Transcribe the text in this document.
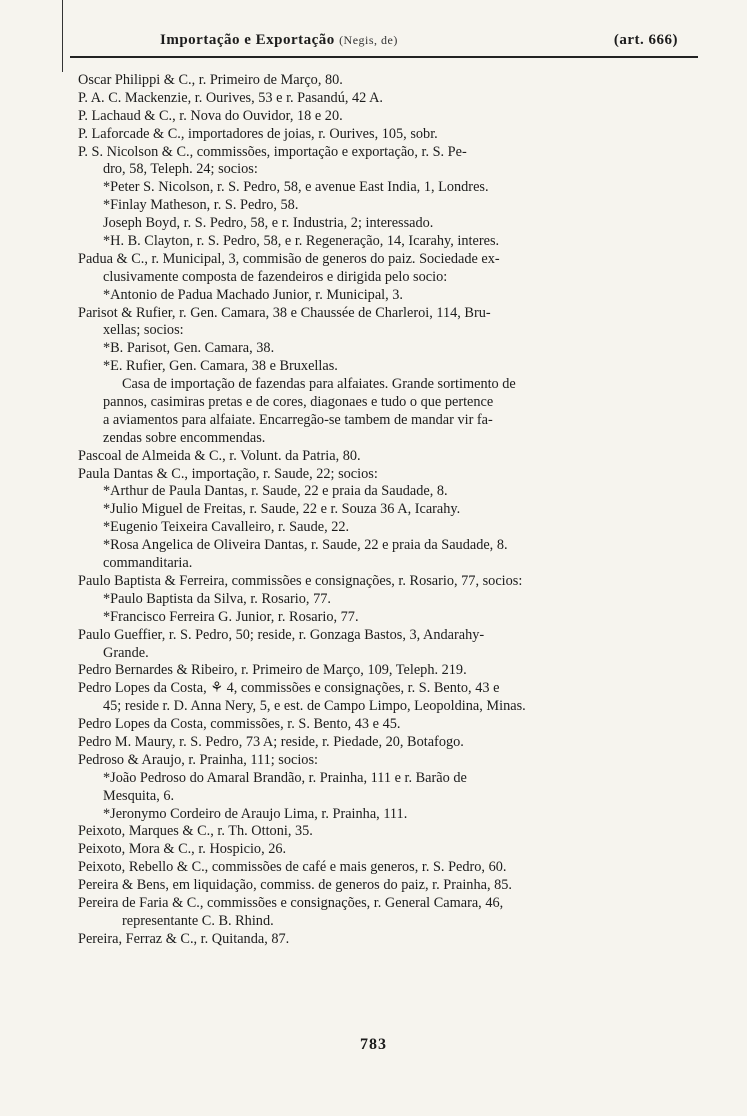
Importação e Exportação (Negis, de)	(art. 666)
Oscar Philippi & C., r. Primeiro de Março, 80.
P. A. C. Mackenzie, r. Ourives, 53 e r. Pasandú, 42 A.
P. Lachaud & C., r. Nova do Ouvidor, 18 e 20.
P. Laforcade & C., importadores de joias, r. Ourives, 105, sobr.
P. S. Nicolson & C., commissões, importação e exportação, r. S. Pe-
dro, 58, Teleph. 24; socios:
*Peter S. Nicolson, r. S. Pedro, 58, e avenue East India, 1, Londres.
*Finlay Matheson, r. S. Pedro, 58.
Joseph Boyd, r. S. Pedro, 58, e r. Industria, 2; interessado.
*H. B. Clayton, r. S. Pedro, 58, e r. Regeneração, 14, Icarahy, interes.
Padua & C., r. Municipal, 3, commisão de generos do paiz. Sociedade ex-
clusivamente composta de fazendeiros e dirigida pelo socio:
*Antonio de Padua Machado Junior, r. Municipal, 3.
Parisot & Rufier, r. Gen. Camara, 38 e Chaussée de Charleroi, 114, Bru-
xellas; socios:
*B. Parisot, Gen. Camara, 38.
*E. Rufier, Gen. Camara, 38 e Bruxellas.
Casa de importação de fazendas para alfaiates. Grande sortimento de
pannos, casimiras pretas e de cores, diagonaes e tudo o que pertence
a aviamentos para alfaiate. Encarregão-se tambem de mandar vir fa-
zendas sobre encommendas.
Pascoal de Almeida & C., r. Volunt. da Patria, 80.
Paula Dantas & C., importação, r. Saude, 22; socios:
*Arthur de Paula Dantas, r. Saude, 22 e praia da Saudade, 8.
*Julio Miguel de Freitas, r. Saude, 22 e r. Souza 36 A, Icarahy.
*Eugenio Teixeira Cavalleiro, r. Saude, 22.
*Rosa Angelica de Oliveira Dantas, r. Saude, 22 e praia da Saudade, 8.
commanditaria.
Paulo Baptista & Ferreira, commissões e consignações, r. Rosario, 77, socios:
*Paulo Baptista da Silva, r. Rosario, 77.
*Francisco Ferreira G. Junior, r. Rosario, 77.
Paulo Gueffier, r. S. Pedro, 50; reside, r. Gonzaga Bastos, 3, Andarahy-
Grande.
Pedro Bernardes & Ribeiro, r. Primeiro de Março, 109, Teleph. 219.
Pedro Lopes da Costa, ⚘ 4, commissões e consignações, r. S. Bento, 43 e
45; reside r. D. Anna Nery, 5, e est. de Campo Limpo, Leopoldina, Minas.
Pedro Lopes da Costa, commissões, r. S. Bento, 43 e 45.
Pedro M. Maury, r. S. Pedro, 73 A; reside, r. Piedade, 20, Botafogo.
Pedroso & Araujo, r. Prainha, 111; socios:
*João Pedroso do Amaral Brandão, r. Prainha, 111 e r. Barão de
Mesquita, 6.
*Jeronymo Cordeiro de Araujo Lima, r. Prainha, 111.
Peixoto, Marques & C., r. Th. Ottoni, 35.
Peixoto, Mora & C., r. Hospicio, 26.
Peixoto, Rebello & C., commissões de café e mais generos, r. S. Pedro, 60.
Pereira & Bens, em liquidação, commiss. de generos do paiz, r. Prainha, 85.
Pereira de Faria & C., commissões e consignações, r. General Camara, 46,
representante C. B. Rhind.
Pereira, Ferraz & C., r. Quitanda, 87.
783
